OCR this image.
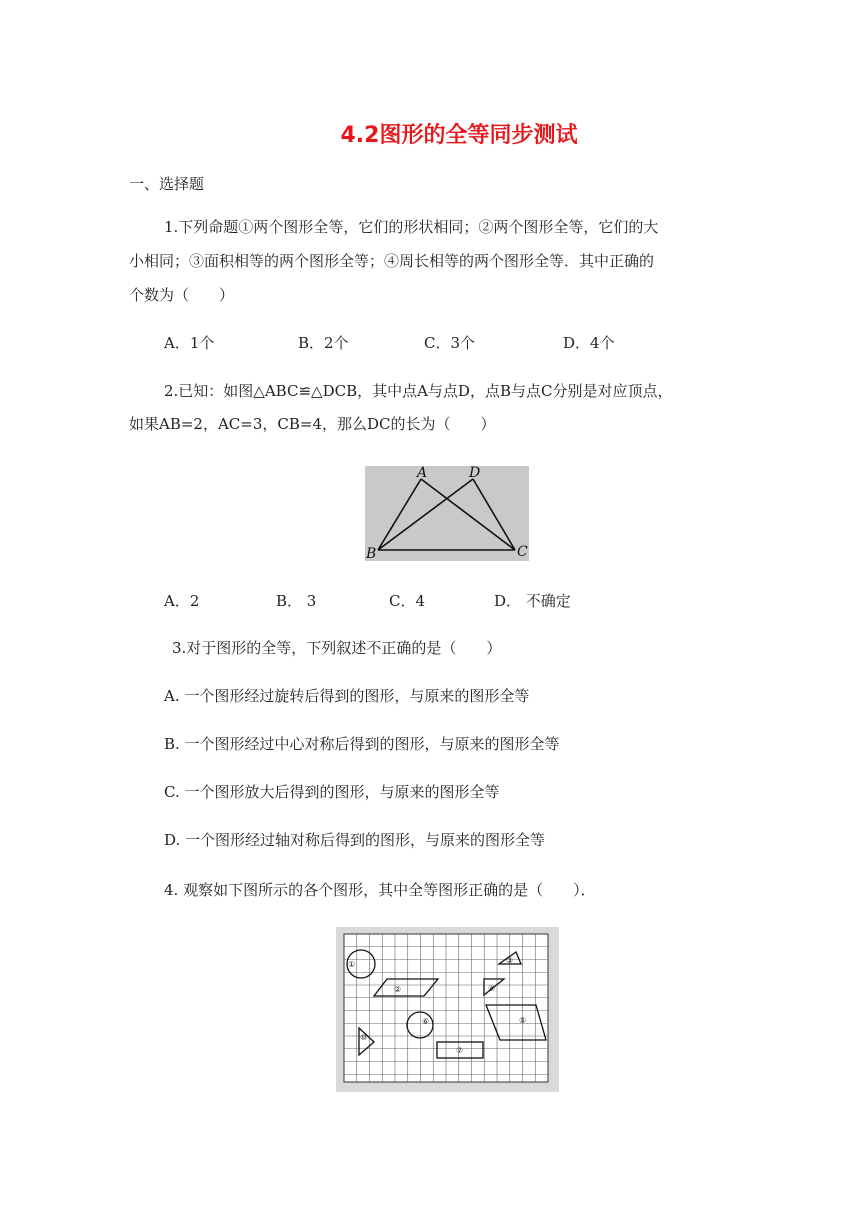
4.2图形的全等同步测试
一、选择题
1.下列命题①两个图形全等，它们的形状相同；②两个图形全等，它们的大
小相同；③面积相等的两个图形全等；④周长相等的两个图形全等．其中正确的
个数为（　　）
A．1个	B．2个	C．3个	D．4个
2.已知：如图△ABC≌△DCB，其中点A与点D，点B与点C分别是对应顶点，
如果AB=2，AC=3，CB=4，那么DC的长为（　　）
A	D
B	C
A．2	B． 3	C．4	D． 不确定
3.对于图形的全等，下列叙述不正确的是（　　）
A. 一个图形经过旋转后得到的图形，与原来的图形全等
B. 一个图形经过中心对称后得到的图形，与原来的图形全等
C. 一个图形放大后得到的图形，与原来的图形全等
D. 一个图形经过轴对称后得到的图形，与原来的图形全等
4. 观察如下图所示的各个图形，其中全等图形正确的是（　　）．
①
②
③
④
⑤
⑥
⑦
⑩
